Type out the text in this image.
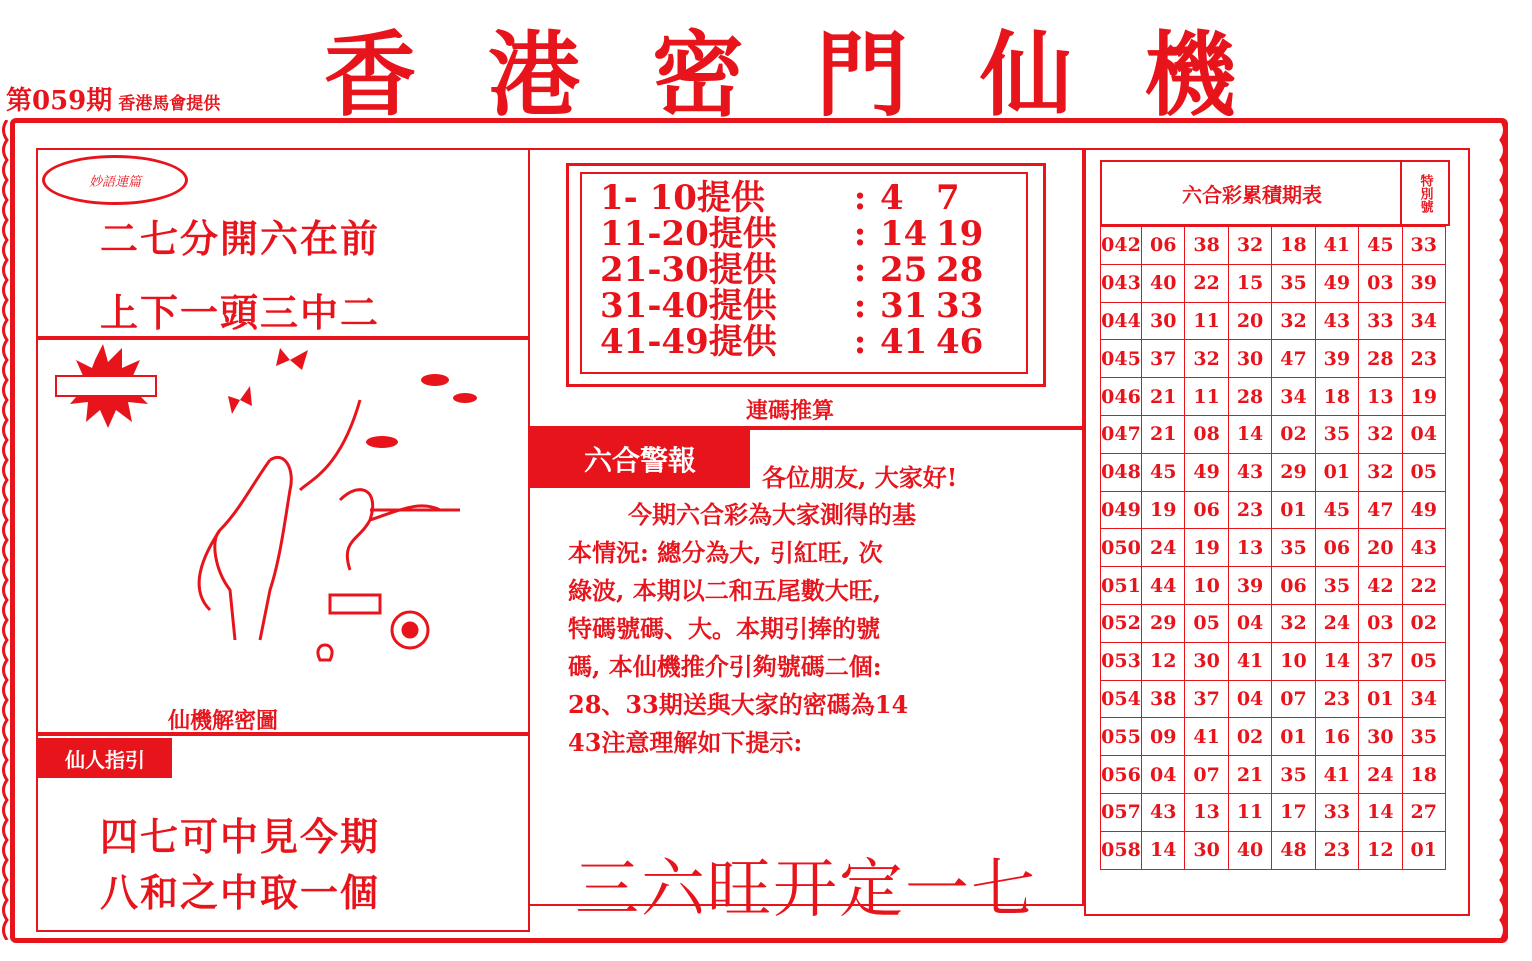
第059期 香港馬會提供 香 港 密 門 仙 機
妙語連篇
二七分開六在前
上下一頭三中二
仙機解密圖
仙人指引
四七可中見今期
八和之中取一個
1- 10提供	: 4 7
11-20提供	: 14 19
21-30提供	: 25 28
31-40提供	: 31 33
41-49提供	: 41 46
連碼推算
六合警報
各位朋友, 大家好!

今期六合彩為大家測得的基

本情況: 總分為大, 引紅旺, 次

綠波, 本期以二和五尾數大旺,

特碼號碼、大。本期引捧的號

碼, 本仙機推介引夠號碼二個:

28、33期送與大家的密碼為14

43注意理解如下提示:

三六旺开定一七
六合彩累積期表	特別號
042	06	38	32	18	41	45	33
043	40	22	15	35	49	03	39
044	30	11	20	32	43	33	34
045	37	32	30	47	39	28	23
046	21	11	28	34	18	13	19
047	21	08	14	02	35	32	04
048	45	49	43	29	01	32	05
049	19	06	23	01	45	47	49
050	24	19	13	35	06	20	43
051	44	10	39	06	35	42	22
052	29	05	04	32	24	03	02
053	12	30	41	10	14	37	05
054	38	37	04	07	23	01	34
055	09	41	02	01	16	30	35
056	04	07	21	35	41	24	18
057	43	13	11	17	33	14	27
058	14	30	40	48	23	12	01
